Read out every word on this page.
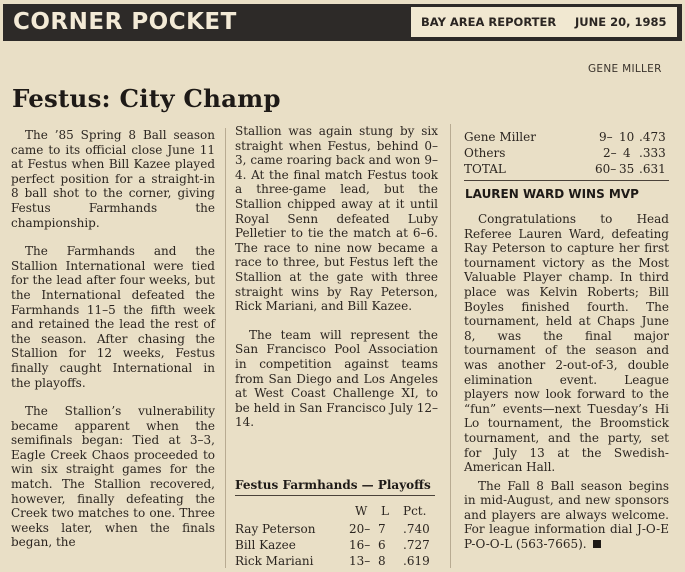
CORNER POCKET	BAY AREA REPORTER JUNE 20, 1985
GENE MILLER
Festus: City Champ

The ’85 Spring 8 Ball season came to its official close June 11 at Festus when Bill Kazee played perfect position for a straight-in 8 ball shot to the corner, giving Festus Farmhands the championship.

The Farmhands and the Stallion International were tied for the lead after four weeks, but the International defeated the Farmhands 11–5 the fifth week and retained the lead the rest of the season. After chasing the Stallion for 12 weeks, Festus finally caught International in the playoffs.

The Stallion’s vulnerability became apparent when the semifinals began: Tied at 3–3, Eagle Creek Chaos proceeded to win six straight games for the match. The Stallion recovered, however, finally defeating the Creek two matches to one. Three weeks later, when the finals began, the

Stallion was again stung by six straight when Festus, behind 0–3, came roaring back and won 9–4. At the final match Festus took a three-game lead, but the Stallion chipped away at it until Royal Senn defeated Luby Pelletier to tie the match at 6–6. The race to nine now became a race to three, but Festus left the Stallion at the gate with three straight wins by Ray Peterson, Rick Mariani, and Bill Kazee.

The team will represent the San Francisco Pool Association in competition against teams from San Diego and Los Angeles at West Coast Challenge XI, to be held in San Francisco July 12–14.

Festus Farmhands — Playoffs
W L Pct.
Ray Peterson	20– 7 .740
Bill Kazee	16– 6 .727
Rick Mariani	13– 8 .619
Gene Miller	9– 10 .473
Others	2– 4 .333
TOTAL	60– 35 .631
LAUREN WARD WINS MVP

Congratulations to Head Referee Lauren Ward, defeating Ray Peterson to capture her first tournament victory as the Most Valuable Player champ. In third place was Kelvin Roberts; Bill Boyles finished fourth. The tournament, held at Chaps June 8, was the final major tournament of the season and was another 2-out-of-3, double elimination event. League players now look forward to the “fun” events—next Tuesday’s Hi Lo tournament, the Broomstick tournament, and the party, set for July 13 at the Swedish-American Hall.

The Fall 8 Ball season begins in mid-August, and new sponsors and players are always welcome. For league information dial J-O-E P-O-O-L (563-7665).
